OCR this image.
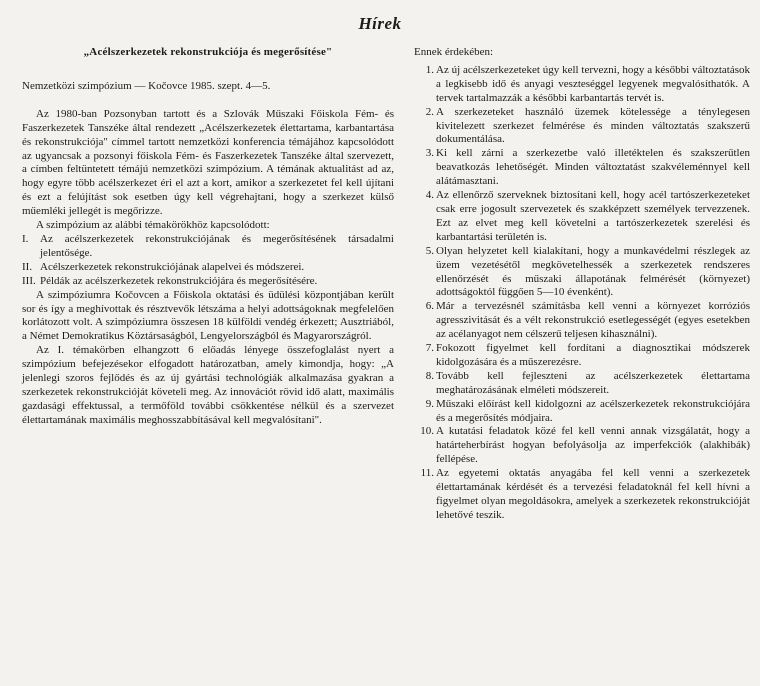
Hírek
„Acélszerkezetek rekonstrukciója és megerősítése"
Nemzetközi szimpózium — Kočovce 1985. szept. 4—5.

Az 1980-ban Pozsonyban tartott és a Szlovák Műszaki Főiskola Fém- és Faszerkezetek Tanszéke által rendezett „Acélszerkezetek élettartama, karbantartása és rekonstrukciója" címmel tartott nemzetközi konferencia témájához kapcsolódott az ugyancsak a pozsonyi főiskola Fém- és Faszerkezetek Tanszéke által szervezett, a címben feltüntetett témájú nemzetközi szimpózium. A témának aktualitást ad az, hogy egyre több acélszerkezet éri el azt a kort, amikor a szerkezetet fel kell újítani és ezt a felújítást sok esetben úgy kell végrehajtani, hogy a szerkezet külső műemléki jellegét is megőrizze.

A szimpózium az alábbi témakörökhöz kapcsolódott:

I.	Az acélszerkezetek rekonstrukciójának és megerősítésének társadalmi jelentősége.
II. Acélszerkezetek rekonstrukciójának alapelvei és módszerei.
III. Példák az acélszerkezetek rekonstrukciójára és megerősítésére.

A szimpóziumra Kočovcen a Főiskola oktatási és üdülési központjában került sor és így a meghívottak és résztvevők létszáma a helyi adottságoknak megfelelően korlátozott volt. A szimpóziumra összesen 18 külföldi vendég érkezett; Ausztriából, a Német Demokratikus Köztársaságból, Lengyelországból és Magyarországról.

Az I. témakörben elhangzott 6 előadás lényege összefoglalást nyert a szimpózium befejezésekor elfogadott határozatban, amely kimondja, hogy: „A jelenlegi szoros fejlődés és az új gyártási technológiák alkalmazása gyakran a szerkezetek rekonstrukcióját követeli meg. Az innovációt rövid idő alatt, maximális gazdasági effektussal, a termőföld további csökkentése nélkül és a szervezet élettartamának maximális meghosszabbításával kell megvalósítani".

Ennek érdekében:

1. Az új acélszerkezeteket úgy kell tervezni, hogy a későbbi változtatások a legkisebb idő és anyagi veszteséggel legyenek megvalósíthatók. A tervek tartalmazzák a későbbi karbantartás tervét is.
2. A szerkezeteket használó üzemek kötelessége a ténylegesen kivitelezett szerkezet felmérése és minden változtatás szakszerű dokumentálása.
3. Ki kell zárni a szerkezetbe való illetéktelen és szakszerűtlen beavatkozás lehetőségét. Minden változtatást szakvéleménnyel kell alátámasztani.
4. Az ellenőrző szerveknek biztosítani kell, hogy acél tartószerkezeteket csak erre jogosult szervezetek és szakképzett személyek tervezzenek. Ezt az elvet meg kell követelni a tartószerkezetek szerelési és karbantartási területén is.
5. Olyan helyzetet kell kialakítani, hogy a munkavédelmi részlegek az üzem vezetésétől megkövetelhessék a szerkezetek rendszeres ellenőrzését és műszaki állapotának felmérését (környezet) adottságoktól függően 5—10 évenként).
6. Már a tervezésnél számításba kell venni a környezet korróziós agresszivitását és a vélt rekonstrukció esetlegességét (egyes esetekben az acélanyagot nem célszerű teljesen kihasználni).
7. Fokozott figyelmet kell fordítani a diagnosztikai módszerek kidolgozására és a műszerezésre.
8. Tovább kell fejleszteni az acélszerkezetek élettartama meghatározásának elméleti módszereit.
9. Műszaki előírást kell kidolgozni az acélszerkezetek rekonstrukciójára és a megerősítés módjaira.
10. A kutatási feladatok közé fel kell venni annak vizsgálatát, hogy a határteherbírást hogyan befolyásolja az imperfekciók (alakhibák) fellépése.
11. Az egyetemi oktatás anyagába fel kell venni a szerkezetek élettartamának kérdését és a tervezési feladatoknál fel kell hívni a figyelmet olyan megoldásokra, amelyek a szerkezetek rekonstrukcióját lehetővé teszik.
